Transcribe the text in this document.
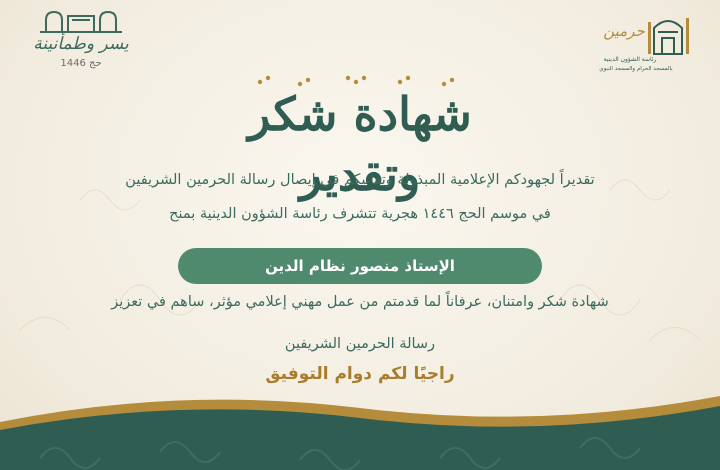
يسر وطمأنينة
حج 1446
حرمين
رئاسة الشؤون الدينية
بالمسجد الحرام والمسجد النبوي
شهادة شكر وتقدير
تقديراً لجهودكم الإعلامية المبذولة وتفانيكم في إيصال رسالة الحرمين الشريفين
في موسم الحج ١٤٤٦ هجرية تتشرف رئاسة الشؤون الدينية بمنح
الإستاذ منصور نظام الدين
شهادة شكر وامتنان، عرفاناً لما قدمتم من عمل مهني إعلامي مؤثر، ساهم في تعزيز
رسالة الحرمين الشريفين
راجيًا لكم دوام التوفيق
